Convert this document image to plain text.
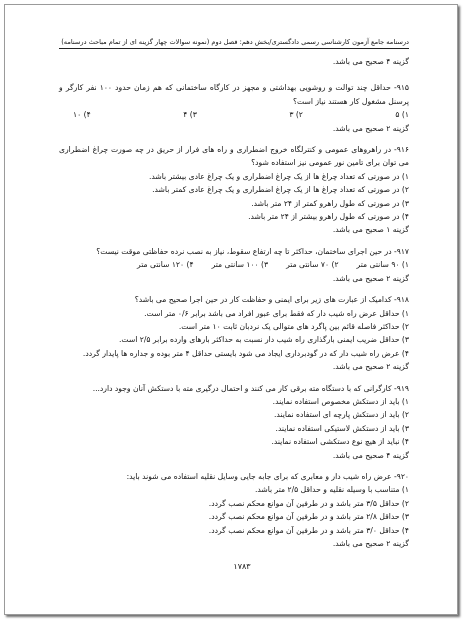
درسنامه جامع آزمون کارشناسی رسمی دادگستری/بخش دهم: فصل دوم (نمونه سوالات چهار گزینه ای از تمام مباحث درسنامه)
گزینه ۴ صحیح می باشد.
۹۱۵- حداقل چند توالت و روشویی بهداشتی و مجهز در کارگاه ساختمانی که هم زمان حدود ۱۰۰ نفر کارگر و پرسنل مشغول کار هستند نیاز است؟
۱) ۵
۲) ۳
۳) ۴
۴) ۱۰
گزینه ۲ صحیح می باشد.
۹۱۶- در راهروهای عمومی و کنترلگاه خروج اضطراری و راه های فرار از حریق در چه صورت چراغ اضطراری می توان برای تامین نور عمومی نیز استفاده شود؟
۱) در صورتی که تعداد چراغ ها از یک چراغ اضطراری و یک چراغ عادی بیشتر باشد.
۲) در صورتی که تعداد چراغ ها از یک چراغ اضطراری و یک چراغ عادی کمتر باشد.
۳) در صورتی که طول راهرو کمتر از ۲۴ متر باشد.
۴) در صورتی که طول راهرو بیشتر از ۲۴ متر باشد.
گزینه ۱ صحیح می باشد.
۹۱۷- در حین اجرای ساختمان، حداکثر تا چه ارتفاع سقوط، نیاز به نصب نرده حفاظتی موقت نیست؟
۱) ۹۰ سانتی متر
۲) ۷۰ سانتی متر
۳) ۱۰۰ سانتی متر
۴) ۱۲۰ سانتی متر
گزینه ۲ صحیح می باشد.
۹۱۸- کدامیک از عبارت های زیر برای ایمنی و حفاظت کار در حین اجرا صحیح می باشد؟
۱) حداقل عرض راه شیب دار که فقط برای عبور افراد می باشد برابر ۰/۶ متر است.
۲) حداکثر فاصله قائم بین پاگرد های متوالی یک نردبان ثابت ۱۰ متر است.
۳) حداقل ضریب ایمنی بارگذاری راه شیب دار نسبت به حداکثر بارهای وارده برابر ۲/۵ است.
۴) عرض راه شیب دار که در گودبرداری ایجاد می شود بایستی حداقل ۴ متر بوده و جداره ها پایدار گردد.
گزینه ۲ صحیح می باشد.
۹۱۹- کارگرانی که با دستگاه مته برقی کار می کنند و احتمال درگیری مته با دستکش آنان وجود دارد...
۱) باید از دستکش مخصوص استفاده نمایند.
۲) باید از دستکش پارچه ای استفاده نمایند.
۳) باید از دستکش لاستیکی استفاده نمایند.
۴) نباید از هیچ نوع دستکشی استفاده نمایند.
گزینه ۴ صحیح می باشد.
۹۲۰- عرض راه شیب دار و معابری که برای جابه جایی وسایل نقلیه استفاده می شوند باید:
۱) متناسب با وسیله نقلیه و حداقل ۲/۵ متر باشد.
۲) حداقل ۳/۵ متر باشد و در طرفین آن موانع محکم نصب گردد.
۳) حداقل ۲/۸ متر باشد و در طرفین آن موانع محکم نصب گردد.
۴) حداقل ۳/۰ متر باشد و در طرفین آن موانع محکم نصب گردد.
گزینه ۲ صحیح می باشد.
۱۷۸۳
